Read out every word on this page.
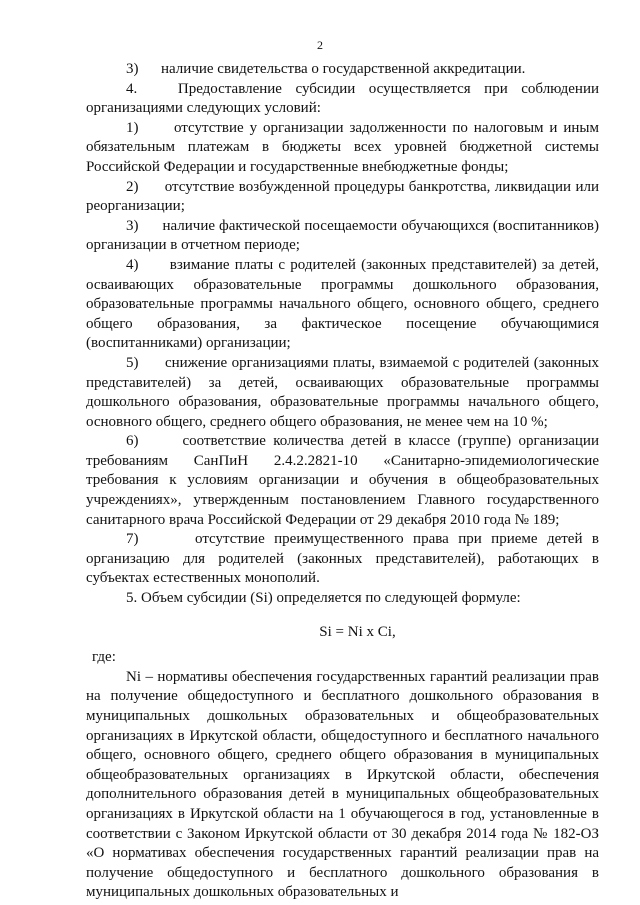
2

3)      наличие свидетельства о государственной аккредитации.

4.   Предоставление субсидии осуществляется при соблюдении организациями следующих условий:

1)      отсутствие у организации задолженности по налоговым и иным обязательным платежам в бюджеты всех уровней бюджетной системы Российской Федерации и государственные внебюджетные фонды;

2)      отсутствие возбужденной процедуры банкротства, ликвидации или реорганизации;

3)      наличие фактической посещаемости обучающихся (воспитанников) организации в отчетном периоде;

4)      взимание платы с родителей (законных представителей) за детей, осваивающих образовательные программы дошкольного образования, образовательные программы начального общего, основного общего, среднего общего образования, за фактическое посещение обучающимися (воспитанниками) организации;

5)      снижение организациями платы, взимаемой с родителей (законных представителей) за детей, осваивающих образовательные программы дошкольного образования, образовательные программы начального общего, основного общего, среднего общего образования, не менее чем на 10 %;

6)      соответствие количества детей в классе (группе) организации требованиям СанПиН 2.4.2.2821-10 «Санитарно-эпидемиологические требования к условиям организации и обучения в общеобразовательных учреждениях», утвержденным постановлением Главного государственного санитарного врача Российской Федерации от 29 декабря 2010 года № 189;

7)      отсутствие преимущественного права при приеме детей в организацию для родителей (законных представителей), работающих в субъектах естественных монополий.

5. Объем субсидии (Si) определяется по следующей формуле:

Si = Ni x Ci,

где:

Ni – нормативы обеспечения государственных гарантий реализации прав на получение общедоступного и бесплатного дошкольного образования в муниципальных дошкольных образовательных и общеобразовательных организациях в Иркутской области, общедоступного и бесплатного начального общего, основного общего, среднего общего образования в муниципальных общеобразовательных организациях в Иркутской области, обеспечения дополнительного образования детей в муниципальных общеобразовательных организациях в Иркутской области на 1 обучающегося в год, установленные в соответствии с Законом Иркутской области от 30 декабря 2014 года № 182-ОЗ «О нормативах обеспечения государственных гарантий реализации прав на получение общедоступного и бесплатного дошкольного образования в муниципальных дошкольных образовательных и
